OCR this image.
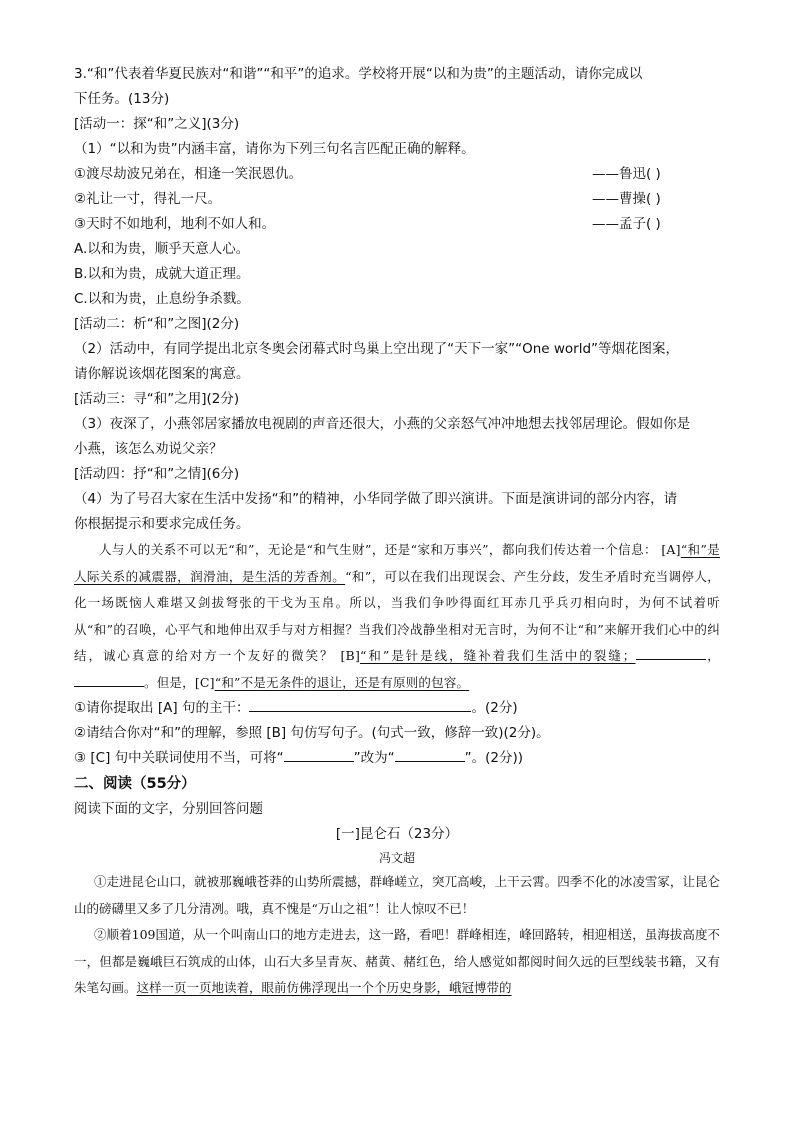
3.“和”代表着华夏民族对“和谐”“和平”的追求。学校将开展“以和为贵”的主题活动，请你完成以
下任务。(13分)
[活动一：探“和”之义](3分)
（1）“以和为贵”内涵丰富，请你为下列三句名言匹配正确的解释。
①渡尽劫波兄弟在，相逢一笑泯恩仇。	——鲁迅( )
②礼让一寸，得礼一尺。	——曹操( )
③天时不如地利，地利不如人和。	——孟子( )
A.以和为贵，顺乎天意人心。
B.以和为贵，成就大道正理。
C.以和为贵，止息纷争杀戮。
[活动二：析“和”之图](2分)
（2）活动中，有同学提出北京冬奥会闭幕式时鸟巢上空出现了“天下一家”“One world”等烟花图案，
请你解说该烟花图案的寓意。
[活动三：寻“和”之用](2分)
（3）夜深了，小燕邻居家播放电视剧的声音还很大，小燕的父亲怒气冲冲地想去找邻居理论。假如你是
小燕，该怎么劝说父亲？
[活动四：抒“和”之情](6分)
（4）为了号召大家在生活中发扬“和”的精神，小华同学做了即兴演讲。下面是演讲词的部分内容，请
你根据提示和要求完成任务。
人与人的关系不可以无“和”，无论是“和气生财”，还是“家和万事兴”，都向我们传达着一个信息： [A]“和”是人际关系的减震器，润滑油，是生活的芳香剂。“和”，可以在我们出现误会、产生分歧，发生矛盾时充当调停人，化一场既恼人难堪又剑拔弩张的干戈为玉帛。所以，当我们争吵得面红耳赤几乎兵刃相向时，为何不试着听从“和”的召唤，心平气和地伸出双手与对方相握？当我们冷战静坐相对无言时，为何不让“和”来解开我们心中的纠结，诚心真意的给对方一个友好的微笑？ [B]“和”是针是线，缝补着我们生活中的裂缝；	，。但是，[C]“和”不是无条件的退让，还是有原则的包容。
①请你提取出 [A] 句的主干：	。(2分)
②请结合你对“和”的理解，参照 [B] 句仿写句子。(句式一致，修辞一致)(2分)。
③ [C] 句中关联词使用不当，可将“	”改为“	”。(2分))
二、阅读（55分）
阅读下面的文字，分别回答问题
[一]昆仑石（23分）
冯文超
①走进昆仑山口，就被那巍峨苍莽的山势所震撼，群峰嵯立，突兀高峻，上干云霄。四季不化的冰凌雪冢，让昆仑山的磅礴里又多了几分清冽。哦，真不愧是“万山之祖”！让人惊叹不已！
②顺着109国道，从一个叫南山口的地方走进去，这一路，看吧！群峰相连，峰回路转，相迎相送，虽海拔高度不一，但都是巍峨巨石筑成的山体，山石大多呈青灰、赭黄、赭红色，给人感觉如都阅时间久远的巨型线装书籍，又有朱笔勾画。这样一页一页地读着，眼前仿佛浮现出一个个历史身影，峨冠博带的
